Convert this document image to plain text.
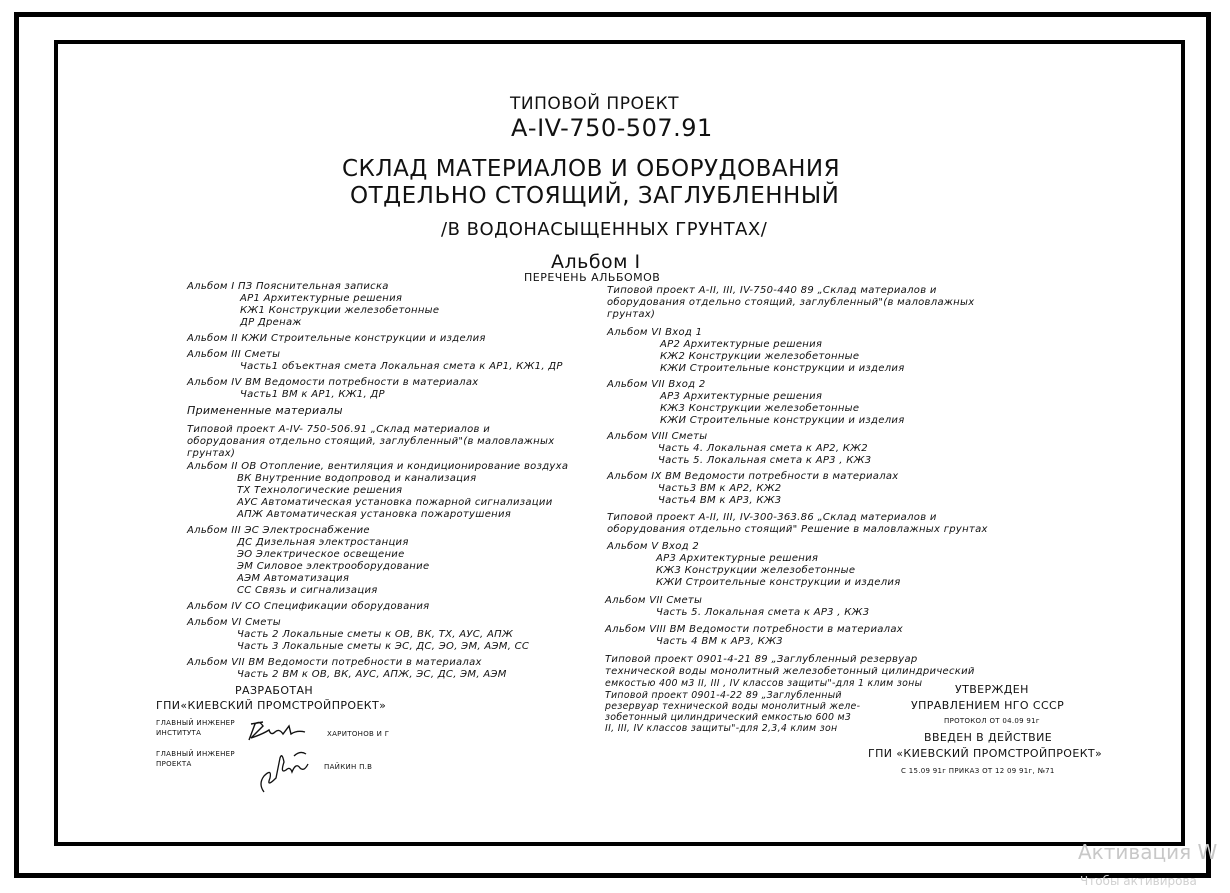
ТИПОВОЙ ПРОЕКТ
А-IV-750-507.91
СКЛАД МАТЕРИАЛОВ И ОБОРУДОВАНИЯ
ОТДЕЛЬНО СТОЯЩИЙ, ЗАГЛУБЛЕННЫЙ
/В ВОДОНАСЫЩЕННЫХ ГРУНТАХ/
Альбом I
ПЕРЕЧЕНЬ АЛЬБОМОВ
Альбом I ПЗ Пояснительная записка
АР1 Архитектурные решения
КЖ1 Конструкции железобетонные
ДР Дренаж
Альбом II КЖИ Строительные конструкции и изделия
Альбом III Сметы
Часть1 объектная смета Локальная смета к АР1, КЖ1, ДР
Альбом IV ВМ Ведомости потребности в материалах
Часть1 ВМ к АР1, КЖ1, ДР
Примененные материалы
Типовой проект А-IV- 750-506.91 „Склад материалов и
оборудования отдельно стоящий, заглубленный"(в маловлажных
грунтах)
Альбом II ОВ Отопление, вентиляция и кондиционирование воздуха
ВК Внутренние водопровод и канализация
ТХ Технологические решения
АУС Автоматическая установка пожарной сигнализации
АПЖ Автоматическая установка пожаротушения
Альбом III ЭС Электроснабжение
ДС Дизельная электростанция
ЭО Электрическое освещение
ЭМ Силовое электрооборудование
АЭМ Автоматизация
СС Связь и сигнализация
Альбом IV СО Спецификации оборудования
Альбом VI Сметы
Часть 2 Локальные сметы к ОВ, ВК, ТХ, АУС, АПЖ
Часть 3 Локальные сметы к ЭС, ДС, ЭО, ЭМ, АЭМ, СС
Альбом VII ВМ Ведомости потребности в материалах
Часть 2 ВМ к ОВ, ВК, АУС, АПЖ, ЭС, ДС, ЭМ, АЭМ
Типовой проект А-II, III, IV-750-440 89 „Склад материалов и
оборудования отдельно стоящий, заглубленный"(в маловлажных
грунтах)
Альбом VI Вход 1
АР2 Архитектурные решения
КЖ2 Конструкции железобетонные
КЖИ Строительные конструкции и изделия
Альбом VII Вход 2
АР3 Архитектурные решения
КЖ3 Конструкции железобетонные
КЖИ Строительные конструкции и изделия
Альбом VIII Сметы
Часть 4. Локальная смета к АР2, КЖ2
Часть 5. Локальная смета к АР3 , КЖ3
Альбом IX ВМ Ведомости потребности в материалах
Часть3 ВМ к АР2, КЖ2
Часть4 ВМ к АР3, КЖ3
Типовой проект А-II, III, IV-300-363.86 „Склад материалов и
оборудования отдельно стоящий" Решение в маловлажных грунтах
Альбом V Вход 2
АР3 Архитектурные решения
КЖ3 Конструкции железобетонные
КЖИ Строительные конструкции и изделия
Альбом VII Сметы
Часть 5. Локальная смета к АР3 , КЖ3
Альбом VIII ВМ Ведомости потребности в материалах
Часть 4 ВМ к АР3, КЖ3
Типовой проект 0901-4-21 89 „Заглубленный резервуар
технической воды монолитный железобетонный цилиндрический
емкостью 400 м3 II, III , IV классов защиты"-для 1 клим зоны
Типовой проект 0901-4-22 89 „Заглубленный
резервуар технической воды монолитный желе-
зобетонный цилиндрический емкостью 600 м3
II, III, IV классов защиты"-для 2,3,4 клим зон
РАЗРАБОТАН
ГПИ«КИЕВСКИЙ ПРОМСТРОЙПРОЕКТ»
ГЛАВНЫЙ ИНЖЕНЕР
ИНСТИТУТА	ХАРИТОНОВ И Г
ГЛАВНЫЙ ИНЖЕНЕР
ПРОЕКТА	ПАЙКИН П.В
УТВЕРЖДЕН
УПРАВЛЕНИЕМ НГО СССР
ПРОТОКОЛ ОТ 04.09 91г
ВВЕДЕН В ДЕЙСТВИЕ
ГПИ «КИЕВСКИЙ ПРОМСТРОЙПРОЕКТ»
С 15.09 91г ПРИКАЗ ОТ 12 09 91г, №71
Активация W
Чтобы активирова
